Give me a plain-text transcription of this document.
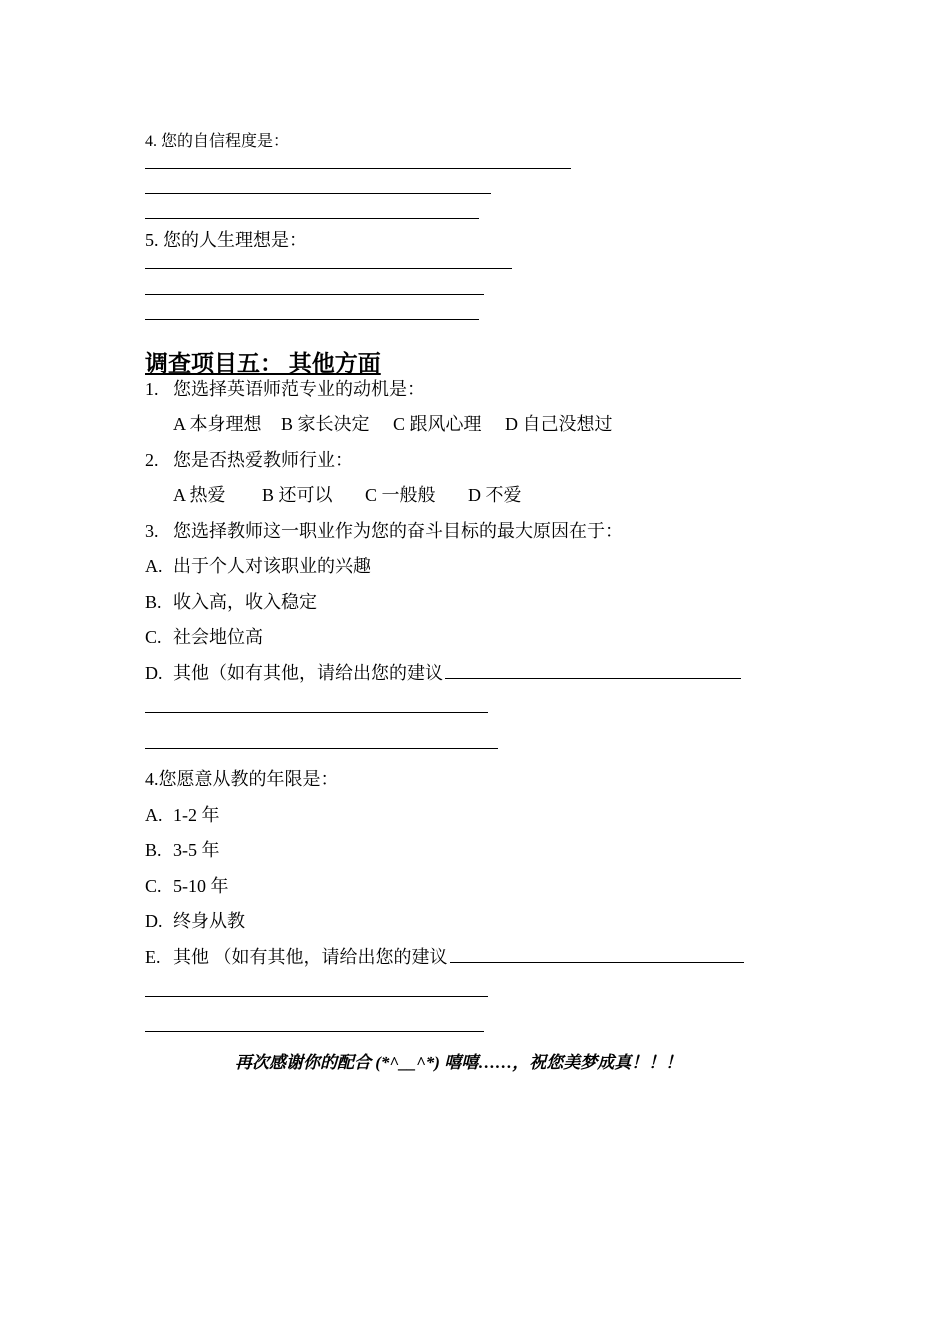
4. 您的自信程度是：
5. 您的人生理想是：
调查项目五： 其他方面
1. 您选择英语师范专业的动机是：
A 本身理想 B 家长决定 C 跟风心理 D 自己没想过
2. 您是否热爱教师行业：
A 热爱 B 还可以 C 一般般 D 不爱
3. 您选择教师这一职业作为您的奋斗目标的最大原因在于：
A. 出于个人对该职业的兴趣
B. 收入高，收入稳定
C. 社会地位高
D. 其他（如有其他，请给出您的建议
4.您愿意从教的年限是：
A. 1-2 年
B. 3-5 年
C. 5-10 年
D. 终身从教
E. 其他 （如有其他，请给出您的建议
再次感谢你的配合 (*^__^*) 嘻嘻……，祝您美梦成真！！！
